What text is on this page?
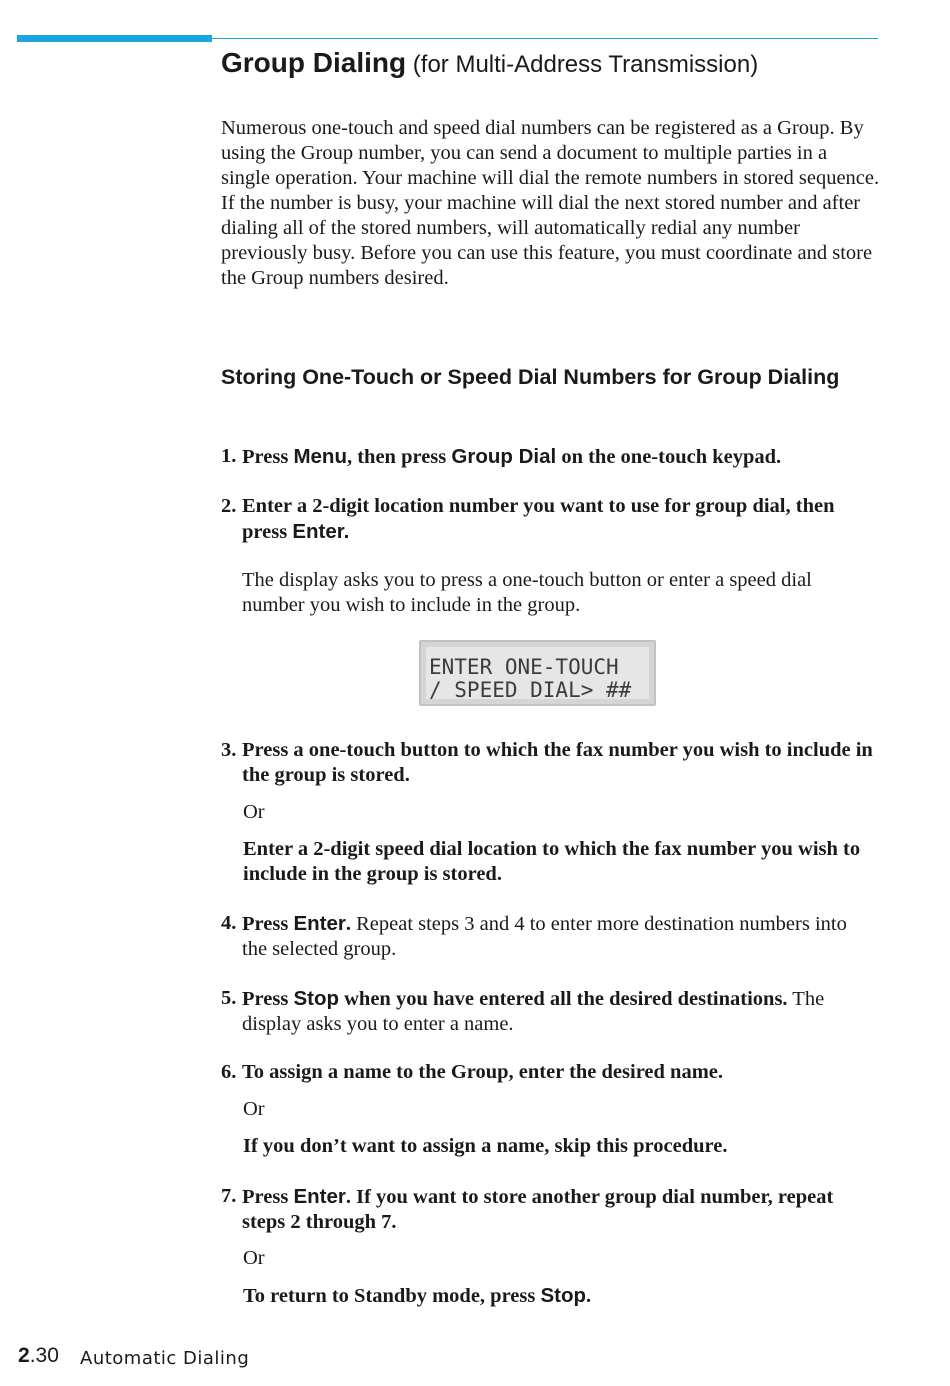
Group Dialing (for Multi-Address Transmission)

Numerous one-touch and speed dial numbers can be registered as a Group. By using the Group number, you can send a document to multiple parties in a single operation. Your machine will dial the remote numbers in stored sequence. If the number is busy, your machine will dial the next stored number and after dialing all of the stored numbers, will automatically redial any number previously busy. Before you can use this feature, you must coordinate and store the Group numbers desired.

Storing One-Touch or Speed Dial Numbers for Group Dialing
1. Press Menu, then press Group Dial on the one-touch keypad.
2. Enter a 2-digit location number you want to use for group dial, then press Enter.

The display asks you to press a one-touch button or enter a speed dial number you wish to include in the group.

ENTER ONE-TOUCH
/ SPEED DIAL> ##
3. Press a one-touch button to which the fax number you wish to include in the group is stored.

Or

Enter a 2-digit speed dial location to which the fax number you wish to include in the group is stored.

4. Press Enter. Repeat steps 3 and 4 to enter more destination numbers into the selected group.
5. Press Stop when you have entered all the desired destinations. The display asks you to enter a name.
6. To assign a name to the Group, enter the desired name.

Or

If you don’t want to assign a name, skip this procedure.

7. Press Enter. If you want to store another group dial number, repeat steps 2 through 7.

Or

To return to Standby mode, press Stop.

2.30 Automatic Dialing
